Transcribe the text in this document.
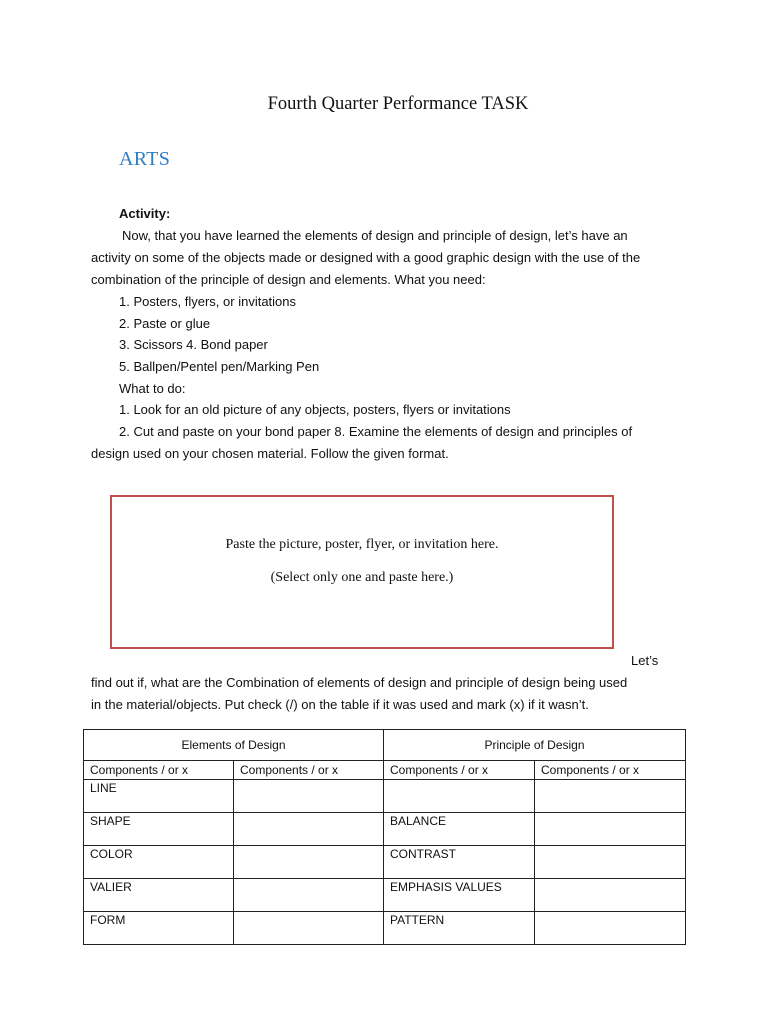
Fourth Quarter Performance TASK
ARTS
Activity:
Now, that you have learned the elements of design and principle of design, let’s have an
activity on some of the objects made or designed with a good graphic design with the use of the
combination of the principle of design and elements. What you need:
1. Posters, flyers, or invitations
2. Paste or glue
3. Scissors 4. Bond paper
5. Ballpen/Pentel pen/Marking Pen
What to do:
1. Look for an old picture of any objects, posters, flyers or invitations
2. Cut and paste on your bond paper 8. Examine the elements of design and principles of
design used on your chosen material. Follow the given format.
Paste the picture, poster, flyer, or invitation here.
(Select only one and paste here.)
Let’s
find out if, what are the Combination of elements of design and principle of design being used
in the material/objects. Put check (/) on the table if it was used and mark (x) if it wasn’t.
Elements of Design		Principle of Design	
Components / or x	Components / or x	Components / or x	Components / or x
LINE			
SHAPE		BALANCE	
COLOR		CONTRAST	
VALIER		EMPHASIS VALUES	
FORM		PATTERN	
